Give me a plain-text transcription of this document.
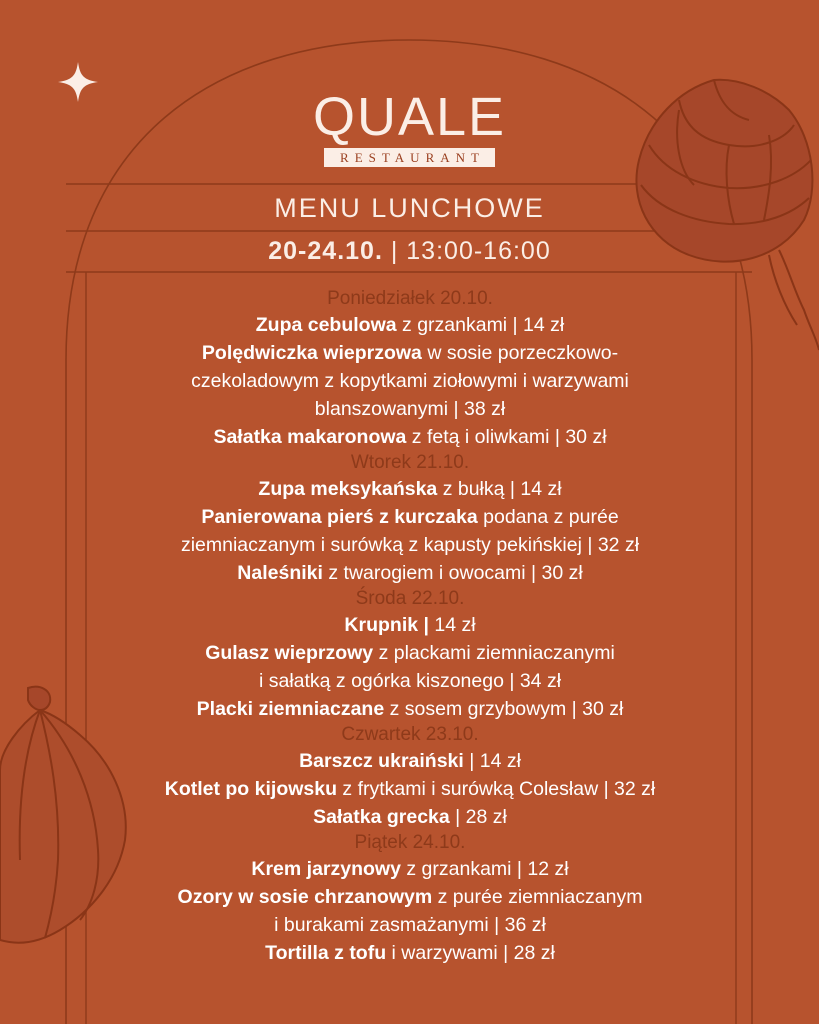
QUALE
RESTAURANT
MENU LUNCHOWE
20-24.10. | 13:00-16:00
Poniedziałek 20.10.
Zupa cebulowa z grzankami | 14 zł
Polędwiczka wieprzowa w sosie porzeczkowo-
czekoladowym z kopytkami ziołowymi i warzywami
blanszowanymi | 38 zł
Sałatka makaronowa z fetą i oliwkami | 30 zł
Wtorek 21.10.
Zupa meksykańska z bułką | 14 zł
Panierowana pierś z kurczaka podana z purée
ziemniaczanym i surówką z kapusty pekińskiej | 32 zł
Naleśniki z twarogiem i owocami | 30 zł
Środa 22.10.
Krupnik | 14 zł
Gulasz wieprzowy z plackami ziemniaczanymi
i sałatką z ogórka kiszonego | 34 zł
Placki ziemniaczane z sosem grzybowym | 30 zł
Czwartek 23.10.
Barszcz ukraiński | 14 zł
Kotlet po kijowsku z frytkami i surówką Colesław | 32 zł
Sałatka grecka | 28 zł
Piątek 24.10.
Krem jarzynowy z grzankami | 12 zł
Ozory w sosie chrzanowym z purée ziemniaczanym
i burakami zasmażanymi | 36 zł
Tortilla z tofu i warzywami | 28 zł
